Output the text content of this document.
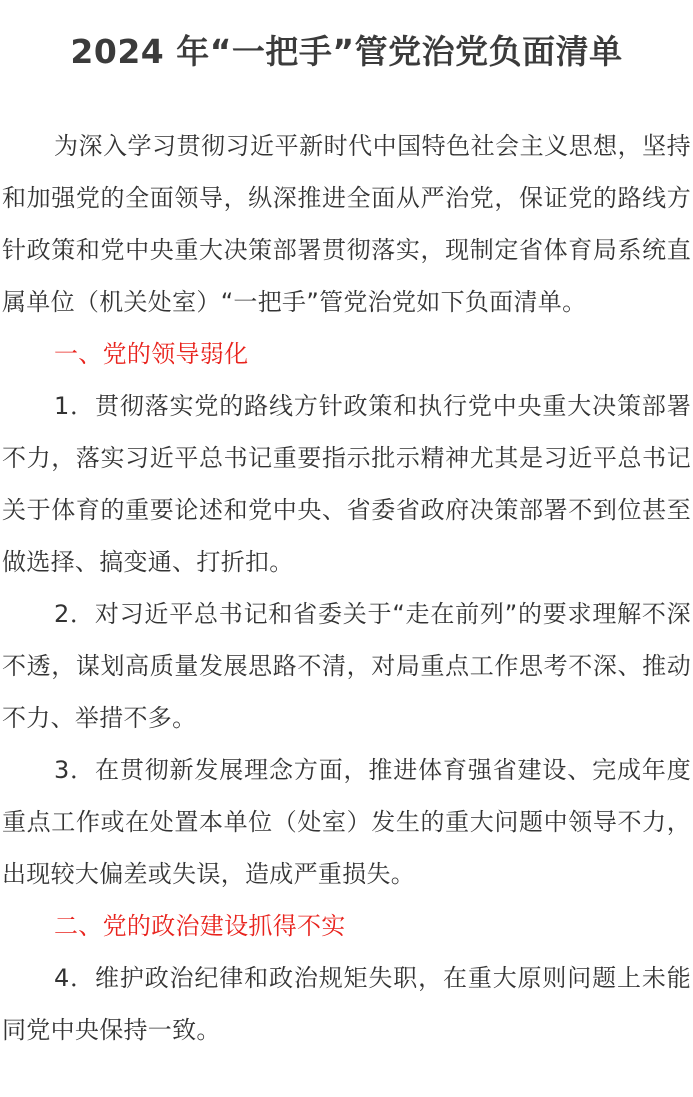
2024 年“一把手”管党治党负面清单

为深入学习贯彻习近平新时代中国特色社会主义思想，坚持和加强党的全面领导，纵深推进全面从严治党，保证党的路线方针政策和党中央重大决策部署贯彻落实，现制定省体育局系统直属单位（机关处室）“一把手”管党治党如下负面清单。

一、党的领导弱化

1．贯彻落实党的路线方针政策和执行党中央重大决策部署不力，落实习近平总书记重要指示批示精神尤其是习近平总书记关于体育的重要论述和党中央、省委省政府决策部署不到位甚至做选择、搞变通、打折扣。

2．对习近平总书记和省委关于“走在前列”的要求理解不深不透，谋划高质量发展思路不清，对局重点工作思考不深、推动不力、举措不多。

3．在贯彻新发展理念方面，推进体育强省建设、完成年度重点工作或在处置本单位（处室）发生的重大问题中领导不力，出现较大偏差或失误，造成严重损失。

二、党的政治建设抓得不实

4．维护政治纪律和政治规矩失职，在重大原则问题上未能同党中央保持一致。
